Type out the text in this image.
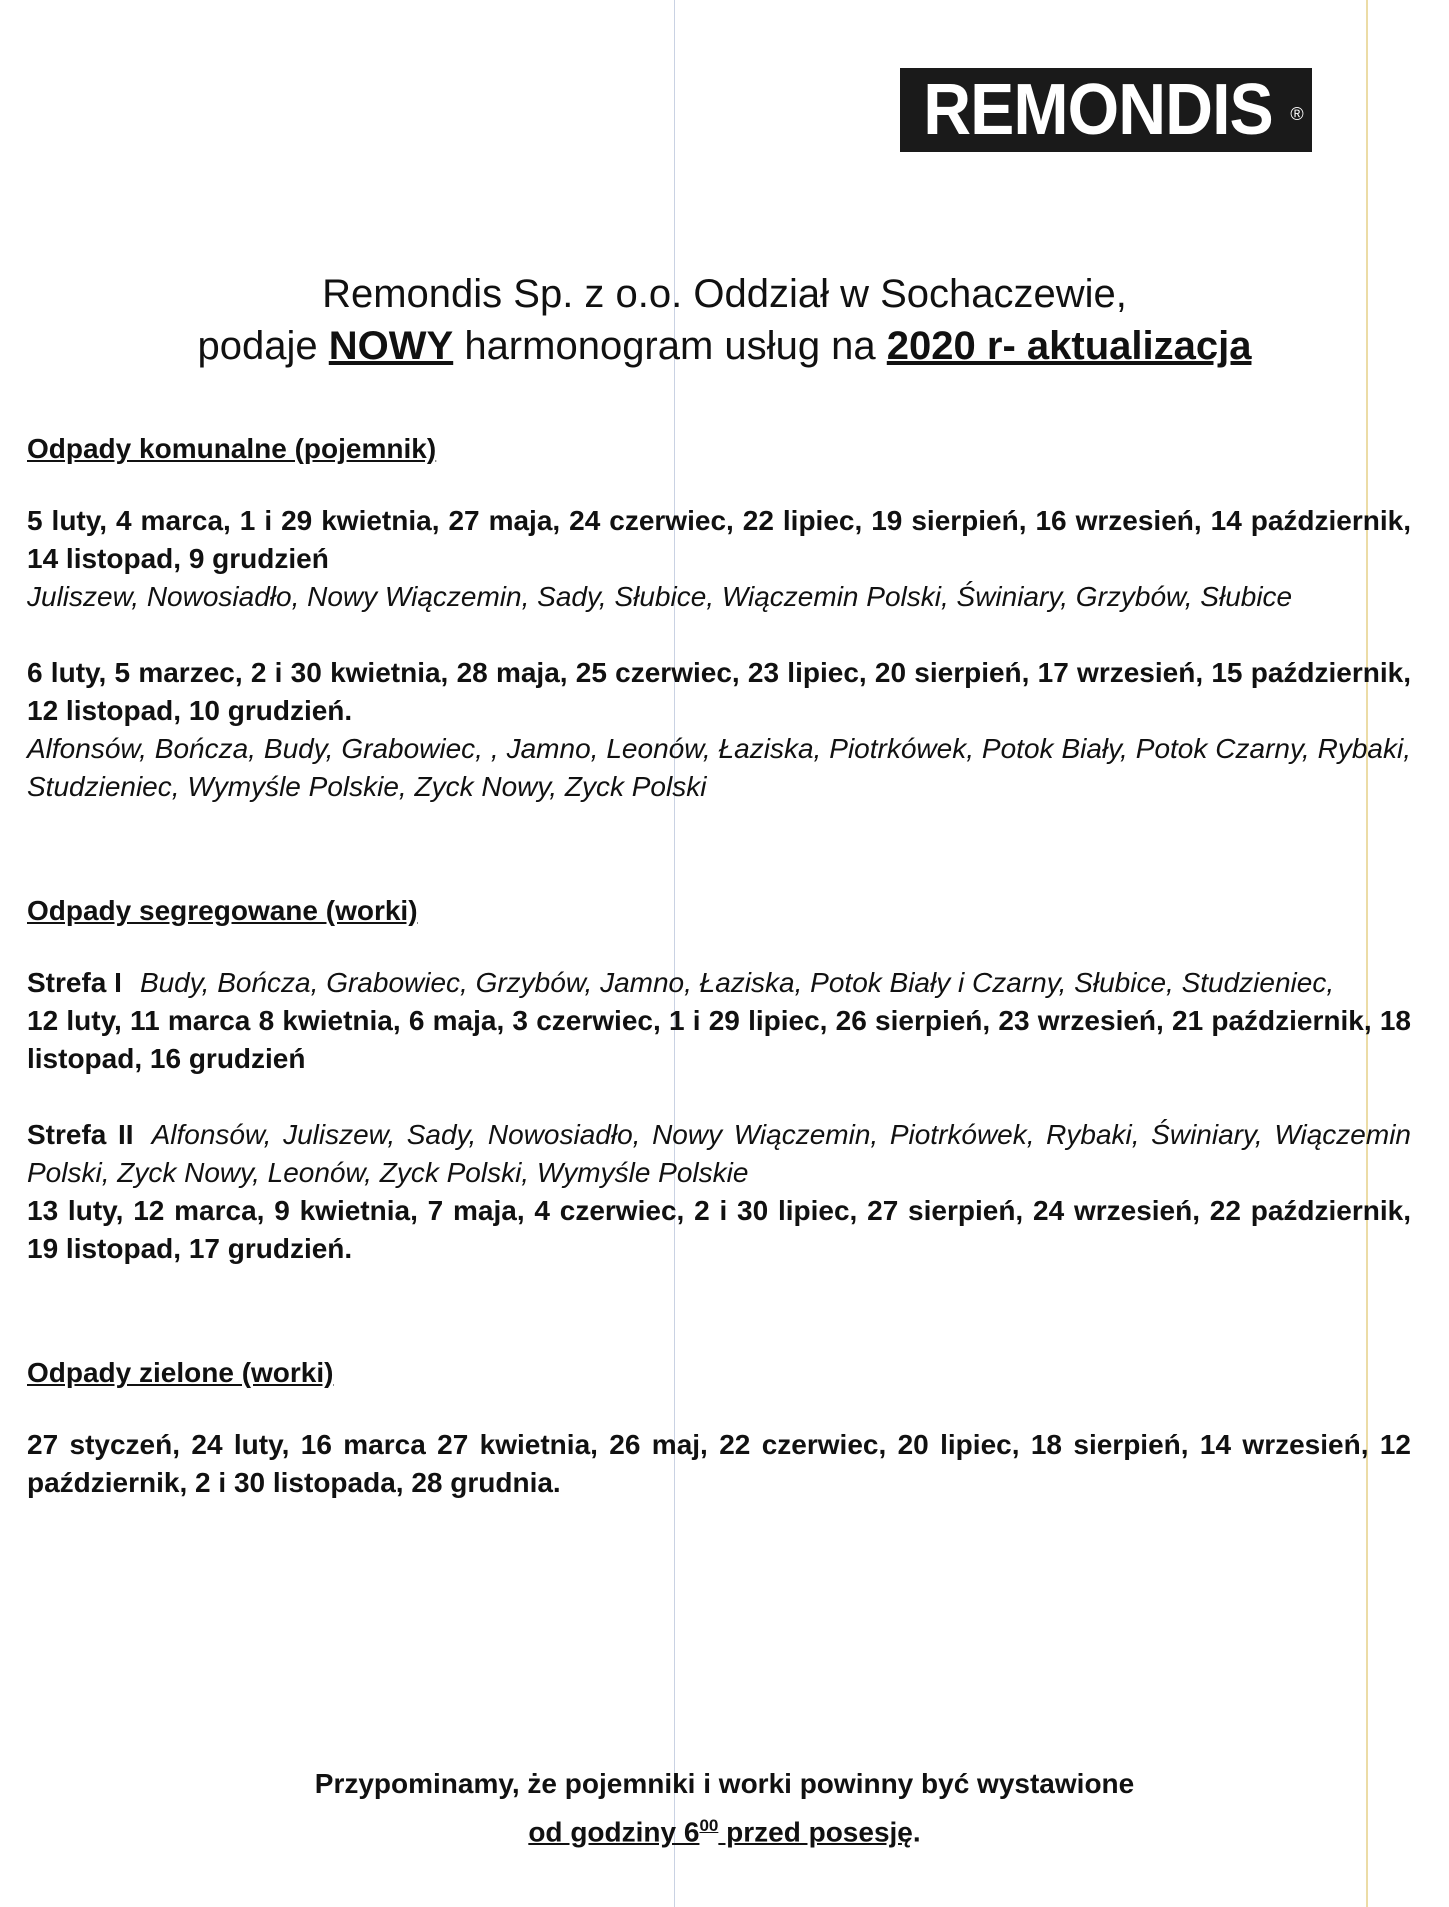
REMONDIS ®
Remondis Sp. z o.o. Oddział w Sochaczewie,
podaje NOWY harmonogram usług na 2020 r- aktualizacja

Odpady komunalne (pojemnik)

5 luty, 4 marca, 1 i 29 kwietnia, 27 maja, 24 czerwiec, 22 lipiec, 19 sierpień, 16 wrzesień, 14 październik, 14 listopad, 9 grudzień

Juliszew, Nowosiadło, Nowy Wiączemin, Sady, Słubice, Wiączemin Polski, Świniary, Grzybów, Słubice

6 luty, 5 marzec, 2 i 30 kwietnia, 28 maja, 25 czerwiec, 23 lipiec, 20 sierpień, 17 wrzesień, 15 październik, 12 listopad, 10 grudzień.

Alfonsów, Bończa, Budy, Grabowiec, , Jamno, Leonów, Łaziska, Piotrkówek, Potok Biały, Potok Czarny, Rybaki, Studzieniec, Wymyśle Polskie, Zyck Nowy, Zyck Polski

Odpady segregowane (worki)

Strefa I Budy, Bończa, Grabowiec, Grzybów, Jamno, Łaziska, Potok Biały i Czarny, Słubice, Studzieniec,

12 luty, 11 marca 8 kwietnia, 6 maja, 3 czerwiec, 1 i 29 lipiec, 26 sierpień, 23 wrzesień, 21 październik, 18 listopad, 16 grudzień

Strefa II Alfonsów, Juliszew, Sady, Nowosiadło, Nowy Wiączemin, Piotrkówek, Rybaki, Świniary, Wiączemin Polski, Zyck Nowy, Leonów, Zyck Polski, Wymyśle Polskie

13 luty, 12 marca, 9 kwietnia, 7 maja, 4 czerwiec, 2 i 30 lipiec, 27 sierpień, 24 wrzesień, 22 październik, 19 listopad, 17 grudzień.

Odpady zielone (worki)

27 styczeń, 24 luty, 16 marca 27 kwietnia, 26 maj, 22 czerwiec, 20 lipiec, 18 sierpień, 14 wrzesień, 12 październik, 2 i 30 listopada, 28 grudnia.

Przypominamy, że pojemniki i worki powinny być wystawione
od godziny $6^{00}$ przed posesję.
